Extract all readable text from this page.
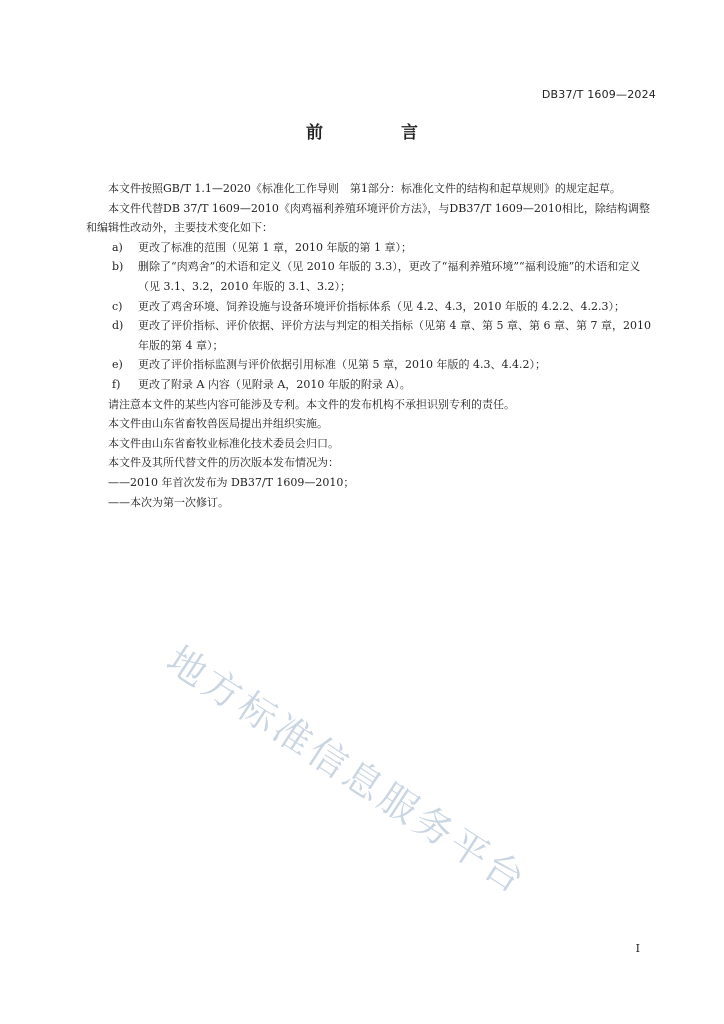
DB37/T 1609—2024
前 言

本文件按照GB/T 1.1—2020《标准化工作导则　第1部分：标准化文件的结构和起草规则》的规定起草。

本文件代替DB 37/T 1609—2010《肉鸡福利养殖环境评价方法》，与DB37/T 1609—2010相比，除结构调整和编辑性改动外，主要技术变化如下：

a) 更改了标准的范围（见第 1 章，2010 年版的第 1 章）；
b) 删除了“肉鸡舍”的术语和定义（见 2010 年版的 3.3），更改了“福利养殖环境”“福利设施”的术语和定义（见 3.1、3.2，2010 年版的 3.1、3.2）；
c) 更改了鸡舍环境、饲养设施与设备环境评价指标体系（见 4.2、4.3，2010 年版的 4.2.2、4.2.3）；
d) 更改了评价指标、评价依据、评价方法与判定的相关指标（见第 4 章、第 5 章、第 6 章、第 7 章，2010 年版的第 4 章）；
e) 更改了评价指标监测与评价依据引用标准（见第 5 章，2010 年版的 4.3、4.4.2）；
f) 更改了附录 A 内容（见附录 A，2010 年版的附录 A）。

请注意本文件的某些内容可能涉及专利。本文件的发布机构不承担识别专利的责任。

本文件由山东省畜牧兽医局提出并组织实施。

本文件由山东省畜牧业标准化技术委员会归口。

本文件及其所代替文件的历次版本发布情况为：

——2010 年首次发布为 DB37/T 1609—2010；

——本次为第一次修订。

地方标准信息服务平台
I
